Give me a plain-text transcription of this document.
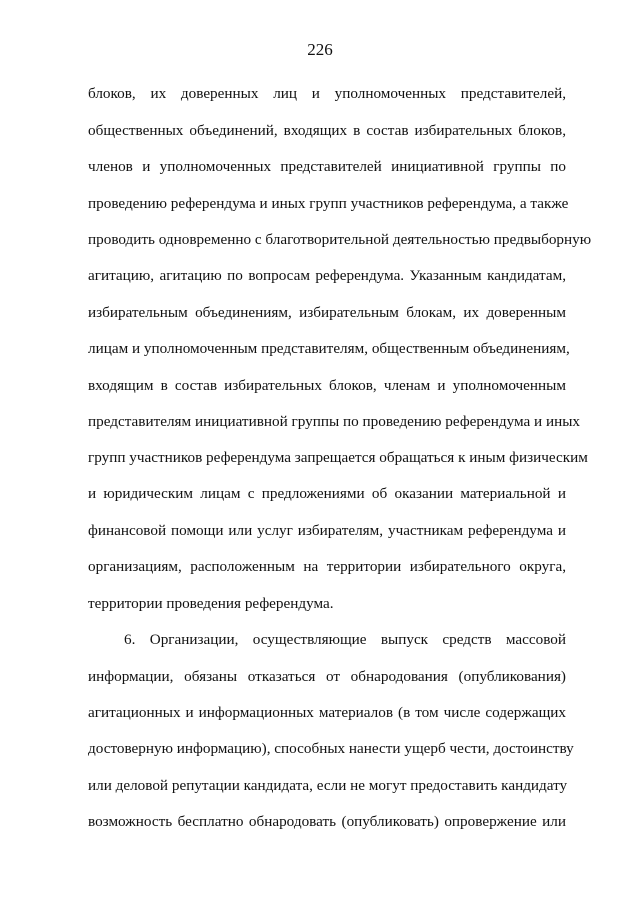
226
блоков, их доверенных лиц и уполномоченных представителей,
общественных объединений, входящих в состав избирательных блоков,
членов и уполномоченных представителей инициативной группы по
проведению референдума и иных групп участников референдума, а также
проводить одновременно с благотворительной деятельностью предвыборную
агитацию, агитацию по вопросам референдума. Указанным кандидатам,
избирательным объединениям, избирательным блокам, их доверенным
лицам и уполномоченным представителям, общественным объединениям,
входящим в состав избирательных блоков, членам и уполномоченным
представителям инициативной группы по проведению референдума и иных
групп участников референдума запрещается обращаться к иным физическим
и юридическим лицам с предложениями об оказании материальной и
финансовой помощи или услуг избирателям, участникам референдума и
организациям, расположенным на территории избирательного округа,
территории проведения референдума.
6. Организации, осуществляющие выпуск средств массовой
информации, обязаны отказаться от обнародования (опубликования)
агитационных и информационных материалов (в том числе содержащих
достоверную информацию), способных нанести ущерб чести, достоинству
или деловой репутации кандидата, если не могут предоставить кандидату
возможность бесплатно обнародовать (опубликовать) опровержение или
